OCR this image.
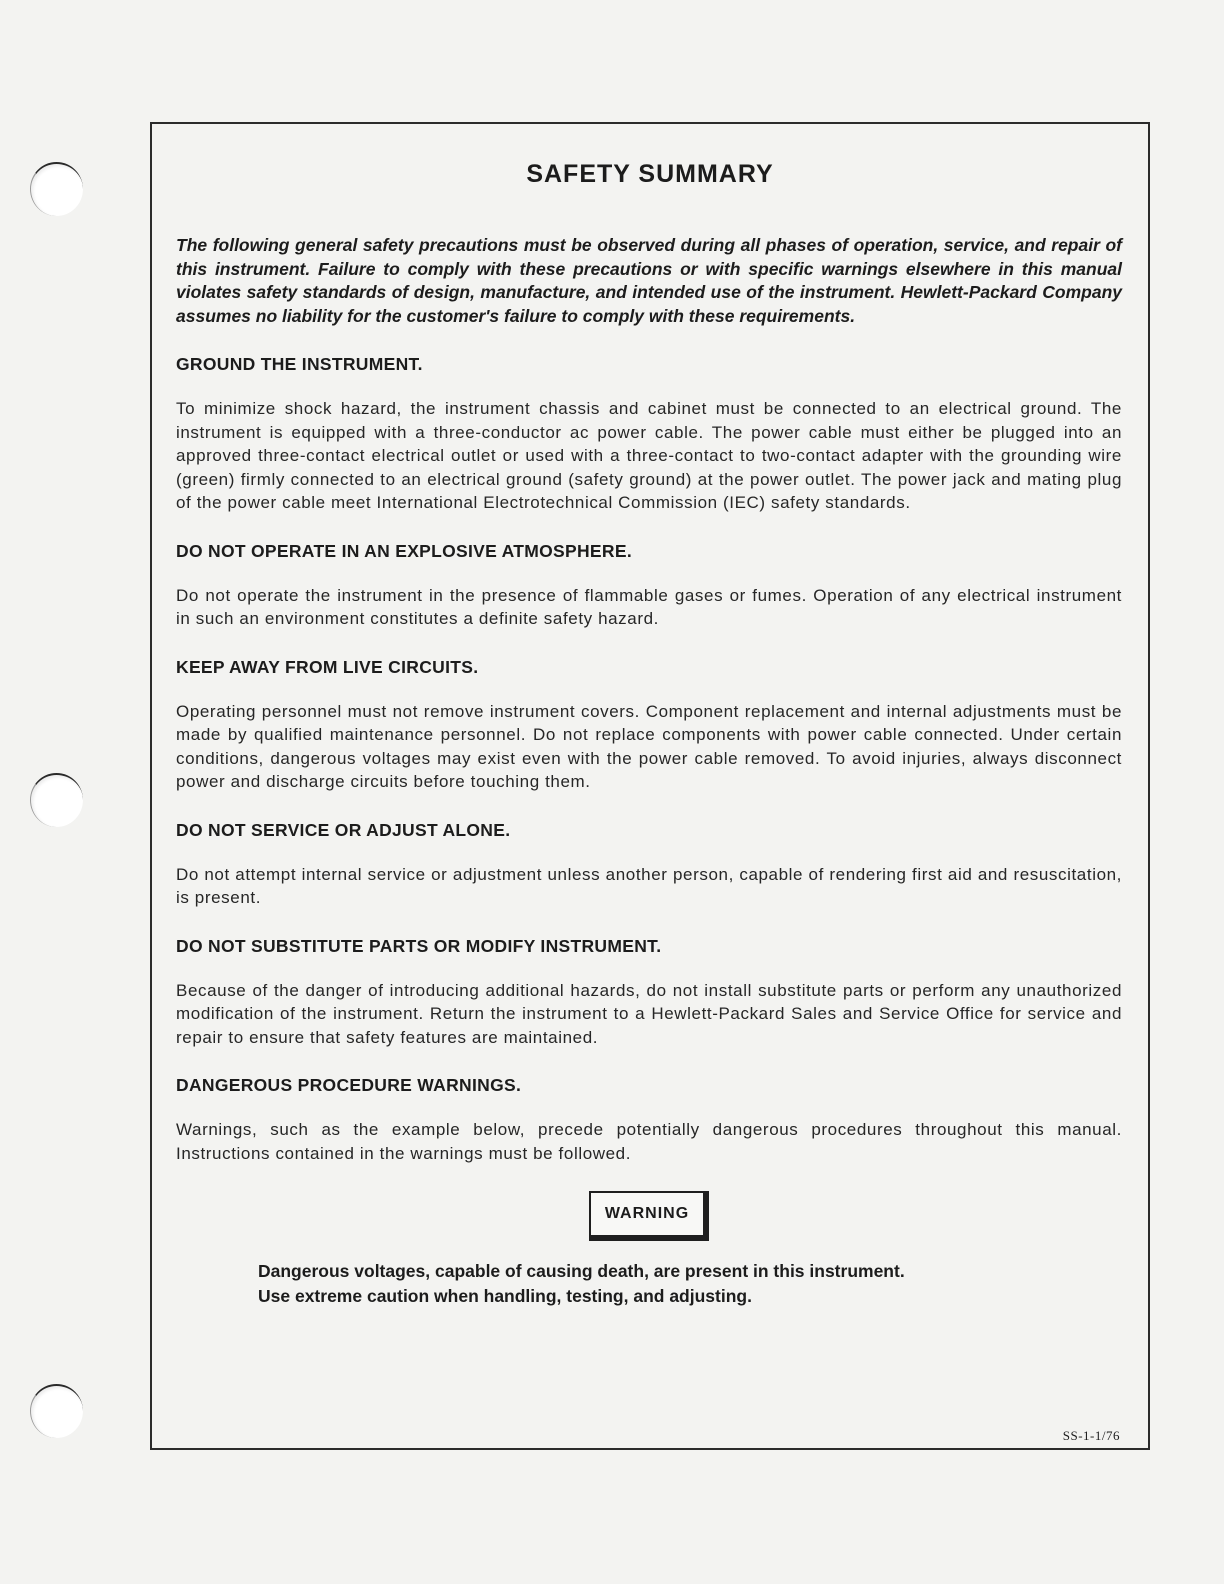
SAFETY SUMMARY

The following general safety precautions must be observed during all phases of operation, service, and repair of this instrument. Failure to comply with these precautions or with specific warnings elsewhere in this manual violates safety standards of design, manufacture, and intended use of the instrument. Hewlett-Packard Company assumes no liability for the customer's failure to comply with these requirements.

GROUND THE INSTRUMENT.

To minimize shock hazard, the instrument chassis and cabinet must be connected to an electrical ground. The instrument is equipped with a three-conductor ac power cable. The power cable must either be plugged into an approved three-contact electrical outlet or used with a three-contact to two-contact adapter with the grounding wire (green) firmly connected to an electrical ground (safety ground) at the power outlet. The power jack and mating plug of the power cable meet International Electrotechnical Commission (IEC) safety standards.

DO NOT OPERATE IN AN EXPLOSIVE ATMOSPHERE.

Do not operate the instrument in the presence of flammable gases or fumes. Operation of any electrical instrument in such an environment constitutes a definite safety hazard.

KEEP AWAY FROM LIVE CIRCUITS.

Operating personnel must not remove instrument covers. Component replacement and internal adjustments must be made by qualified maintenance personnel. Do not replace components with power cable connected. Under certain conditions, dangerous voltages may exist even with the power cable removed. To avoid injuries, always disconnect power and discharge circuits before touching them.

DO NOT SERVICE OR ADJUST ALONE.

Do not attempt internal service or adjustment unless another person, capable of rendering first aid and resuscitation, is present.

DO NOT SUBSTITUTE PARTS OR MODIFY INSTRUMENT.

Because of the danger of introducing additional hazards, do not install substitute parts or perform any unauthorized modification of the instrument. Return the instrument to a Hewlett-Packard Sales and Service Office for service and repair to ensure that safety features are maintained.

DANGEROUS PROCEDURE WARNINGS.

Warnings, such as the example below, precede potentially dangerous procedures throughout this manual. Instructions contained in the warnings must be followed.

WARNING
Dangerous voltages, capable of causing death, are present in this instrument.
Use extreme caution when handling, testing, and adjusting.
SS-1-1/76
